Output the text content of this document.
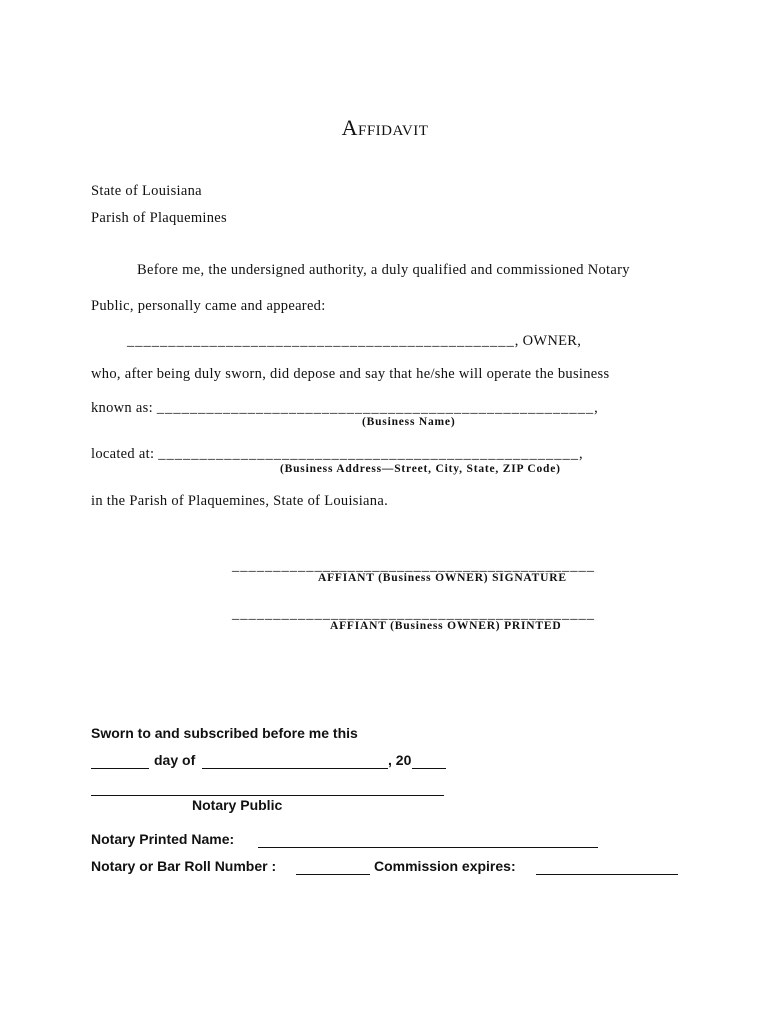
Affidavit
State of Louisiana
Parish of Plaquemines
Before me, the undersigned authority, a duly qualified and commissioned Notary
Public, personally came and appeared:
_______________________________________________, OWNER,
who, after being duly sworn, did depose and say that he/she will operate the business
known as: _____________________________________________________,
(Business Name)
located at: ___________________________________________________,
(Business Address—Street, City, State, ZIP Code)
in the Parish of Plaquemines, State of Louisiana.
____________________________________________
AFFIANT (Business OWNER) SIGNATURE
____________________________________________
AFFIANT (Business OWNER) PRINTED
Sworn to and subscribed before me this
day of	, 20
Notary Public
Notary Printed Name:
Notary or Bar Roll Number :	Commission expires:
